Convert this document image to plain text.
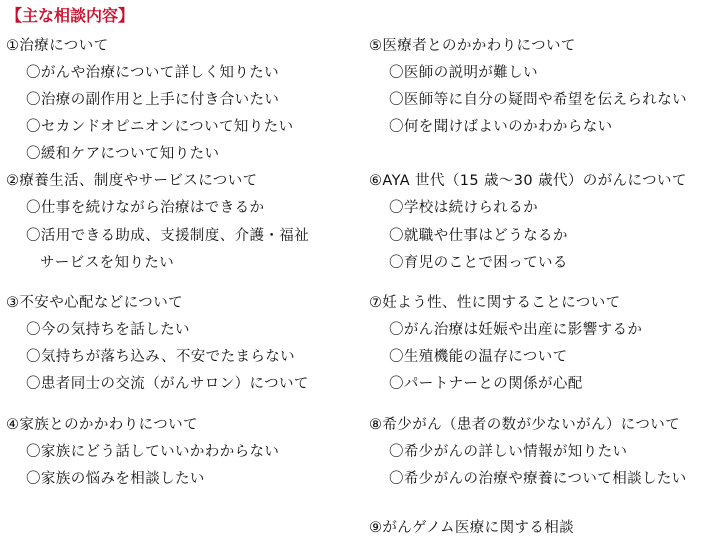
【主な相談内容】
①治療について
〇がんや治療について詳しく知りたい
〇治療の副作用と上手に付き合いたい
〇セカンドオピニオンについて知りたい
〇緩和ケアについて知りたい
②療養生活、制度やサービスについて
〇仕事を続けながら治療はできるか
〇活用できる助成、支援制度、介護・福祉
サービスを知りたい
③不安や心配などについて
〇今の気持ちを話したい
〇気持ちが落ち込み、不安でたまらない
〇患者同士の交流（がんサロン）について
④家族とのかかわりについて
〇家族にどう話していいかわからない
〇家族の悩みを相談したい
⑤医療者とのかかわりについて
〇医師の説明が難しい
〇医師等に自分の疑問や希望を伝えられない
〇何を聞けばよいのかわからない
⑥AYA 世代（15 歳～30 歳代）のがんについて
〇学校は続けられるか
〇就職や仕事はどうなるか
〇育児のことで困っている
⑦妊よう性、性に関することについて
〇がん治療は妊娠や出産に影響するか
〇生殖機能の温存について
〇パートナーとの関係が心配
⑧希少がん（患者の数が少ないがん）について
〇希少がんの詳しい情報が知りたい
〇希少がんの治療や療養について相談したい
⑨がんゲノム医療に関する相談
